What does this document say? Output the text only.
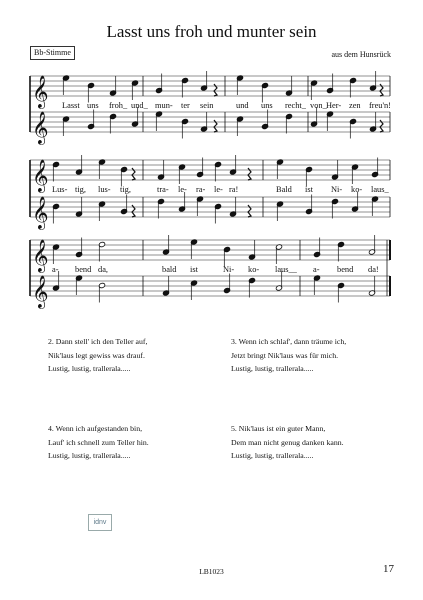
Bb-Stimme
Lasst uns froh und munter sein
aus dem Hunsrück
𝄞
𝄞
𝄞
𝄞
𝄞
𝄞
Lasst uns froh_ und_ mun- ter sein	und uns recht_ von_ Her- zen freu'n!
Lus- tig, lus- tig,	tra- le- ra- le- ra!	Bald ist Ni- ko- laus_
a- bend da,	bald ist	Ni- ko- laus__ a- bend da!
2. Dann stell' ich den Teller auf,
Nik'laus legt gewiss was drauf.
Lustig, lustig, trallerala.....
3. Wenn ich schlaf', dann träume ich,
Jetzt bringt Nik'laus was für mich.
Lustig, lustig, trallerala.....
4. Wenn ich aufgestanden bin,
Lauf' ich schnell zum Teller hin.
Lustig, lustig, trallerala.....
5. Nik'laus ist ein guter Mann,
Dem man nicht genug danken kann.
Lustig, lustig, trallerala.....
idnv
LB1023	17
